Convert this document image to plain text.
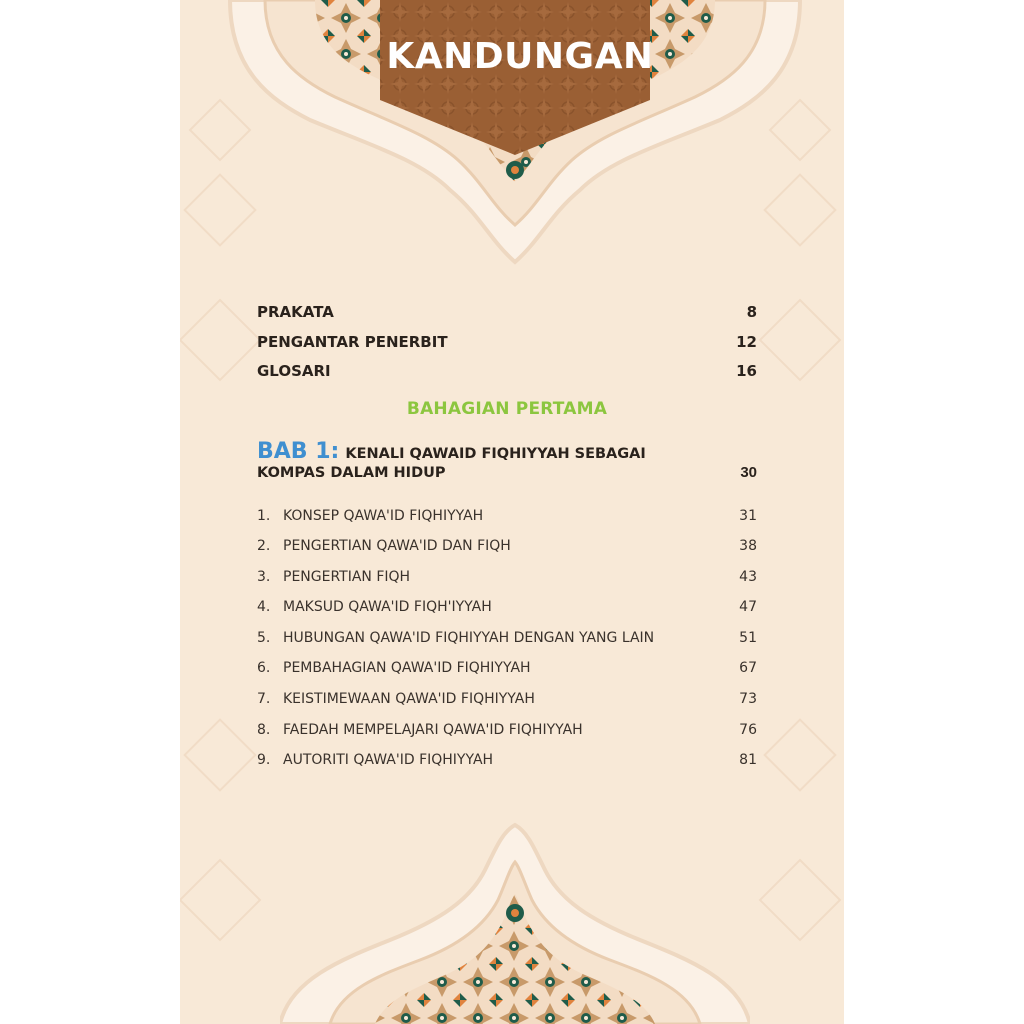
KANDUNGAN
PRAKATA	8
PENGANTAR PENERBIT	12
GLOSARI	16
BAHAGIAN PERTAMA
BAB 1: KENALI QAWAID FIQHIYYAH SEBAGAI
KOMPAS DALAM HIDUP	30
1. KONSEP QAWA'ID FIQHIYYAH	31
2. PENGERTIAN QAWA'ID DAN FIQH	38
3. PENGERTIAN FIQH	43
4. MAKSUD QAWA'ID FIQH'IYYAH	47
5. HUBUNGAN QAWA'ID FIQHIYYAH DENGAN YANG LAIN	51
6. PEMBAHAGIAN QAWA'ID FIQHIYYAH	67
7. KEISTIMEWAAN QAWA'ID FIQHIYYAH	73
8. FAEDAH MEMPELAJARI QAWA'ID FIQHIYYAH	76
9. AUTORITI QAWA'ID FIQHIYYAH	81
